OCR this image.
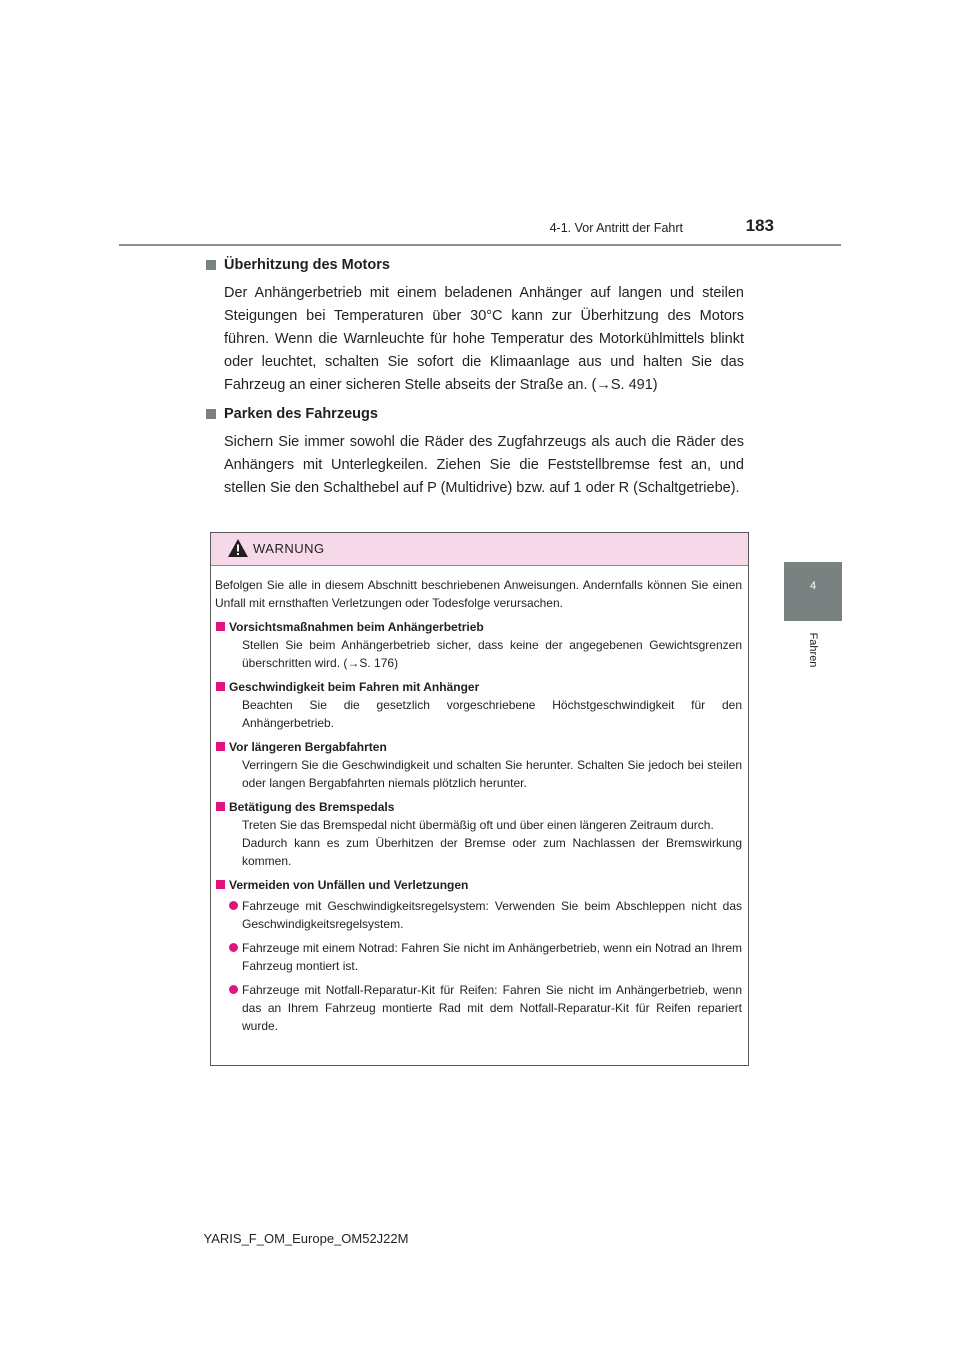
4-1. Vor Antritt der Fahrt	183
4
Fahren
Überhitzung des Motors
Der Anhängerbetrieb mit einem beladenen Anhänger auf langen und steilen Steigungen bei Temperaturen über 30°C kann zur Überhitzung des Motors führen. Wenn die Warnleuchte für hohe Temperatur des Motorkühlmittels blinkt oder leuchtet, schalten Sie sofort die Klimaanlage aus und halten Sie das Fahrzeug an einer sicheren Stelle abseits der Straße an. (→S. 491)
Parken des Fahrzeugs
Sichern Sie immer sowohl die Räder des Zugfahrzeugs als auch die Räder des Anhängers mit Unterlegkeilen. Ziehen Sie die Feststellbremse fest an, und stellen Sie den Schalthebel auf P (Multidrive) bzw. auf 1 oder R (Schaltgetriebe).
WARNUNG
Befolgen Sie alle in diesem Abschnitt beschriebenen Anweisungen. Andernfalls können Sie einen Unfall mit ernsthaften Verletzungen oder Todesfolge verursachen.
Vorsichtsmaßnahmen beim Anhängerbetrieb
Stellen Sie beim Anhängerbetrieb sicher, dass keine der angegebenen Gewichtsgrenzen überschritten wird. (→S. 176)
Geschwindigkeit beim Fahren mit Anhänger
Beachten Sie die gesetzlich vorgeschriebene Höchstgeschwindigkeit für den Anhängerbetrieb.
Vor längeren Bergabfahrten
Verringern Sie die Geschwindigkeit und schalten Sie herunter. Schalten Sie jedoch bei steilen oder langen Bergabfahrten niemals plötzlich herunter.
Betätigung des Bremspedals
Treten Sie das Bremspedal nicht übermäßig oft und über einen längeren Zeitraum durch.
Dadurch kann es zum Überhitzen der Bremse oder zum Nachlassen der Bremswirkung kommen.
Vermeiden von Unfällen und Verletzungen
Fahrzeuge mit Geschwindigkeitsregelsystem: Verwenden Sie beim Abschleppen nicht das Geschwindigkeitsregelsystem.
Fahrzeuge mit einem Notrad: Fahren Sie nicht im Anhängerbetrieb, wenn ein Notrad an Ihrem Fahrzeug montiert ist.
Fahrzeuge mit Notfall-Reparatur-Kit für Reifen: Fahren Sie nicht im Anhängerbetrieb, wenn das an Ihrem Fahrzeug montierte Rad mit dem Notfall-Reparatur-Kit für Reifen repariert wurde.
YARIS_F_OM_Europe_OM52J22M
